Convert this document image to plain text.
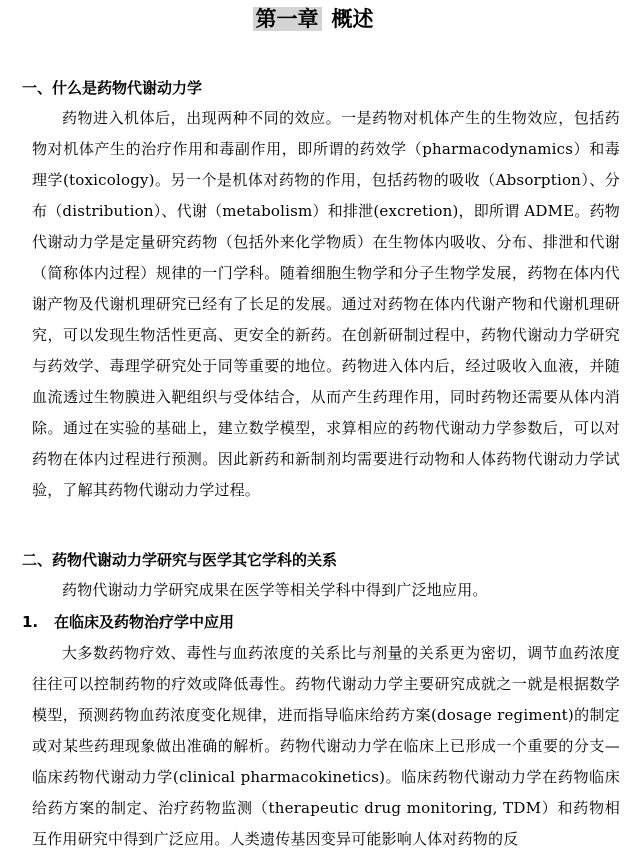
第一章 概述
一、什么是药物代谢动力学
药物进入机体后，出现两种不同的效应。一是药物对机体产生的生物效应，包括药物对机体产生的治疗作用和毒副作用，即所谓的药效学（pharmacodynamics）和毒理学(toxicology)。另一个是机体对药物的作用，包括药物的吸收（Absorption）、分布（distribution）、代谢（metabolism）和排泄(excretion)，即所谓 ADME。药物代谢动力学是定量研究药物（包括外来化学物质）在生物体内吸收、分布、排泄和代谢（简称体内过程）规律的一门学科。随着细胞生物学和分子生物学发展，药物在体内代谢产物及代谢机理研究已经有了长足的发展。通过对药物在体内代谢产物和代谢机理研究，可以发现生物活性更高、更安全的新药。在创新研制过程中，药物代谢动力学研究与药效学、毒理学研究处于同等重要的地位。药物进入体内后，经过吸收入血液，并随血流透过生物膜进入靶组织与受体结合，从而产生药理作用，同时药物还需要从体内消除。通过在实验的基础上，建立数学模型，求算相应的药物代谢动力学参数后，可以对药物在体内过程进行预测。因此新药和新制剂均需要进行动物和人体药物代谢动力学试验，了解其药物代谢动力学过程。
二、药物代谢动力学研究与医学其它学科的关系
药物代谢动力学研究成果在医学等相关学科中得到广泛地应用。
1. 在临床及药物治疗学中应用
大多数药物疗效、毒性与血药浓度的关系比与剂量的关系更为密切，调节血药浓度往往可以控制药物的疗效或降低毒性。药物代谢动力学主要研究成就之一就是根据数学模型，预测药物血药浓度变化规律，进而指导临床给药方案(dosage regiment)的制定或对某些药理现象做出准确的解析。药物代谢动力学在临床上已形成一个重要的分支—临床药物代谢动力学(clinical pharmacokinetics)。临床药物代谢动力学在药物临床给药方案的制定、治疗药物监测（therapeutic drug monitoring, TDM）和药物相互作用研究中得到广泛应用。人类遗传基因变异可能影响人体对药物的反
